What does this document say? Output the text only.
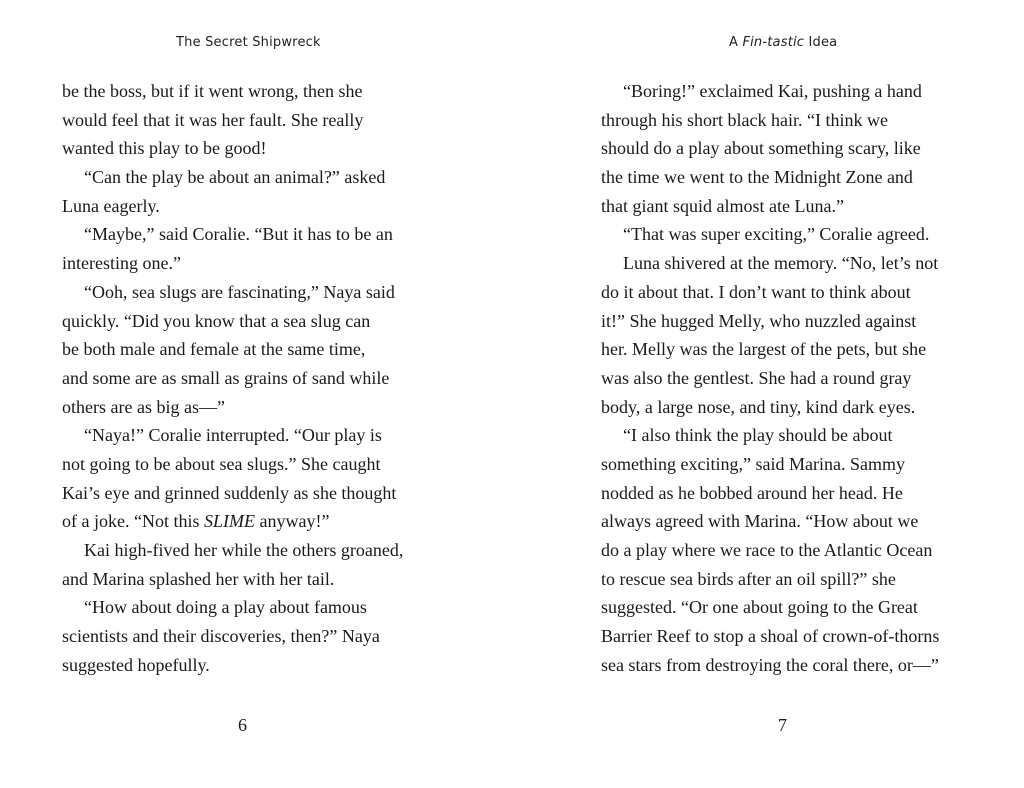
The Secret Shipwreck
be the boss, but if it went wrong, then she
would feel that it was her fault. She really
wanted this play to be good!
“Can the play be about an animal?” asked
Luna eagerly.
“Maybe,” said Coralie. “But it has to be an
interesting one.”
“Ooh, sea slugs are fascinating,” Naya said
quickly. “Did you know that a sea slug can
be both male and female at the same time,
and some are as small as grains of sand while
others are as big as—”
“Naya!” Coralie interrupted. “Our play is
not going to be about sea slugs.” She caught
Kai’s eye and grinned suddenly as she thought
of a joke. “Not this SLIME anyway!”
Kai high-fived her while the others groaned,
and Marina splashed her with her tail.
“How about doing a play about famous
scientists and their discoveries, then?” Naya
suggested hopefully.
6
A Fin-tastic Idea
“Boring!” exclaimed Kai, pushing a hand
through his short black hair. “I think we
should do a play about something scary, like
the time we went to the Midnight Zone and
that giant squid almost ate Luna.”
“That was super exciting,” Coralie agreed.
Luna shivered at the memory. “No, let’s not
do it about that. I don’t want to think about
it!” She hugged Melly, who nuzzled against
her. Melly was the largest of the pets, but she
was also the gentlest. She had a round gray
body, a large nose, and tiny, kind dark eyes.
“I also think the play should be about
something exciting,” said Marina. Sammy
nodded as he bobbed around her head. He
always agreed with Marina. “How about we
do a play where we race to the Atlantic Ocean
to rescue sea birds after an oil spill?” she
suggested. “Or one about going to the Great
Barrier Reef to stop a shoal of crown-of-thorns
sea stars from destroying the coral there, or—”
7
